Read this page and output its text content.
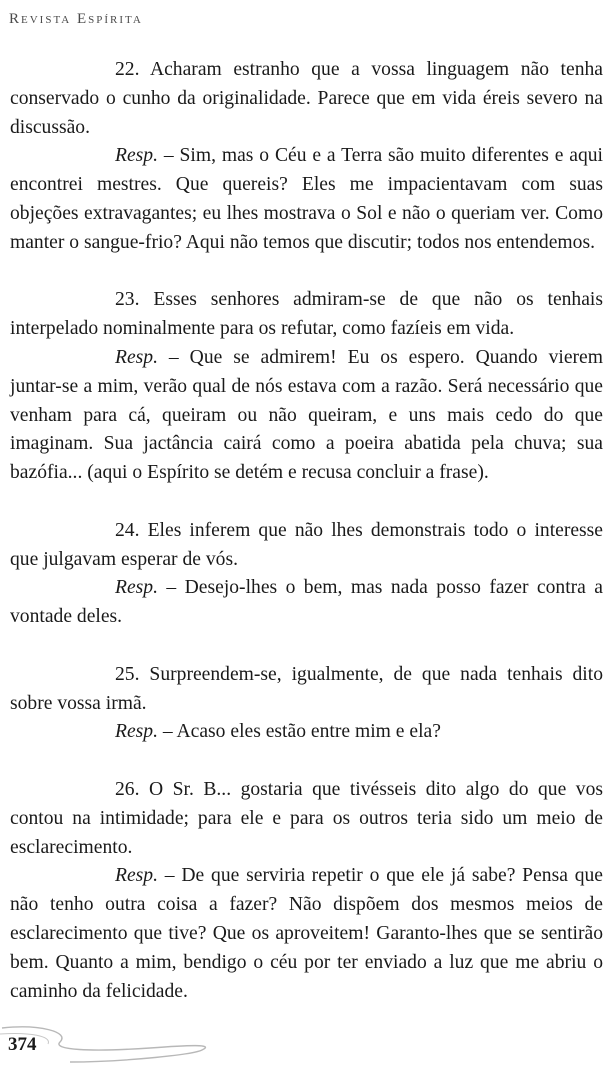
Revista Espírita

22. Acharam estranho que a vossa linguagem não tenha conservado o cunho da originalidade. Parece que em vida éreis severo na discussão.

Resp. – Sim, mas o Céu e a Terra são muito diferentes e aqui encontrei mestres. Que quereis? Eles me impacientavam com suas objeções extravagantes; eu lhes mostrava o Sol e não o queriam ver. Como manter o sangue-frio? Aqui não temos que discutir; todos nos entendemos.

23. Esses senhores admiram-se de que não os tenhais interpelado nominalmente para os refutar, como fazíeis em vida.

Resp. – Que se admirem! Eu os espero. Quando vierem juntar-se a mim, verão qual de nós estava com a razão. Será necessário que venham para cá, queiram ou não queiram, e uns mais cedo do que imaginam. Sua jactância cairá como a poeira abatida pela chuva; sua bazófia... (aqui o Espírito se detém e recusa concluir a frase).

24. Eles inferem que não lhes demonstrais todo o interesse que julgavam esperar de vós.

Resp. – Desejo-lhes o bem, mas nada posso fazer contra a vontade deles.

25. Surpreendem-se, igualmente, de que nada tenhais dito sobre vossa irmã.

Resp. – Acaso eles estão entre mim e ela?

26. O Sr. B... gostaria que tivésseis dito algo do que vos contou na intimidade; para ele e para os outros teria sido um meio de esclarecimento.

Resp. – De que serviria repetir o que ele já sabe? Pensa que não tenho outra coisa a fazer? Não dispõem dos mesmos meios de esclarecimento que tive? Que os aproveitem! Garanto-lhes que se sentirão bem. Quanto a mim, bendigo o céu por ter enviado a luz que me abriu o caminho da felicidade.

374
